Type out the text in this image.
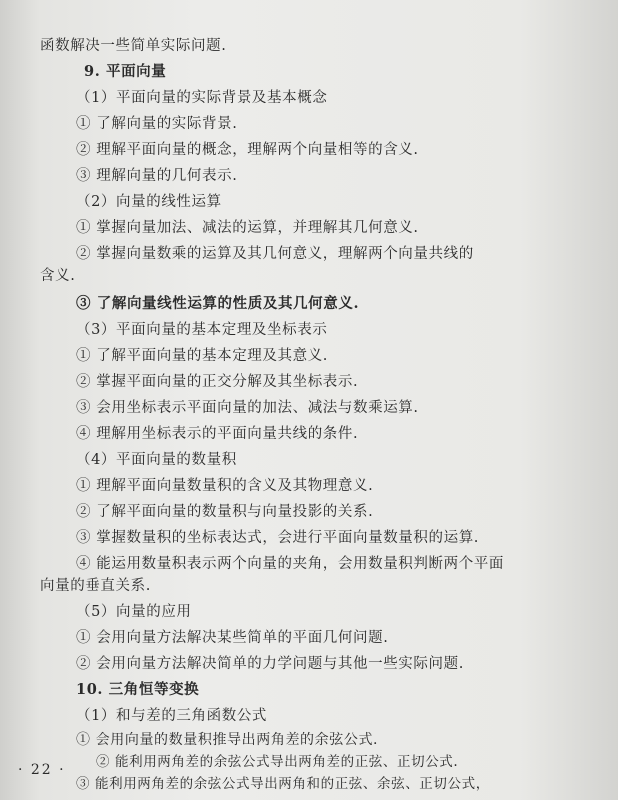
函数解决一些简单实际问题.
9. 平面向量
（1）平面向量的实际背景及基本概念
① 了解向量的实际背景.
② 理解平面向量的概念，理解两个向量相等的含义.
③ 理解向量的几何表示.
（2）向量的线性运算
① 掌握向量加法、减法的运算，并理解其几何意义.
② 掌握向量数乘的运算及其几何意义，理解两个向量共线的
含义.
③ 了解向量线性运算的性质及其几何意义.
（3）平面向量的基本定理及坐标表示
① 了解平面向量的基本定理及其意义.
② 掌握平面向量的正交分解及其坐标表示.
③ 会用坐标表示平面向量的加法、减法与数乘运算.
④ 理解用坐标表示的平面向量共线的条件.
（4）平面向量的数量积
① 理解平面向量数量积的含义及其物理意义.
② 了解平面向量的数量积与向量投影的关系.
③ 掌握数量积的坐标表达式，会进行平面向量数量积的运算.
④ 能运用数量积表示两个向量的夹角，会用数量积判断两个平面
向量的垂直关系.
（5）向量的应用
① 会用向量方法解决某些简单的平面几何问题.
② 会用向量方法解决简单的力学问题与其他一些实际问题.
10. 三角恒等变换
（1）和与差的三角函数公式
① 会用向量的数量积推导出两角差的余弦公式.
② 能利用两角差的余弦公式导出两角差的正弦、正切公式.
③ 能利用两角差的余弦公式导出两角和的正弦、余弦、正切公式，
· 22 ·
